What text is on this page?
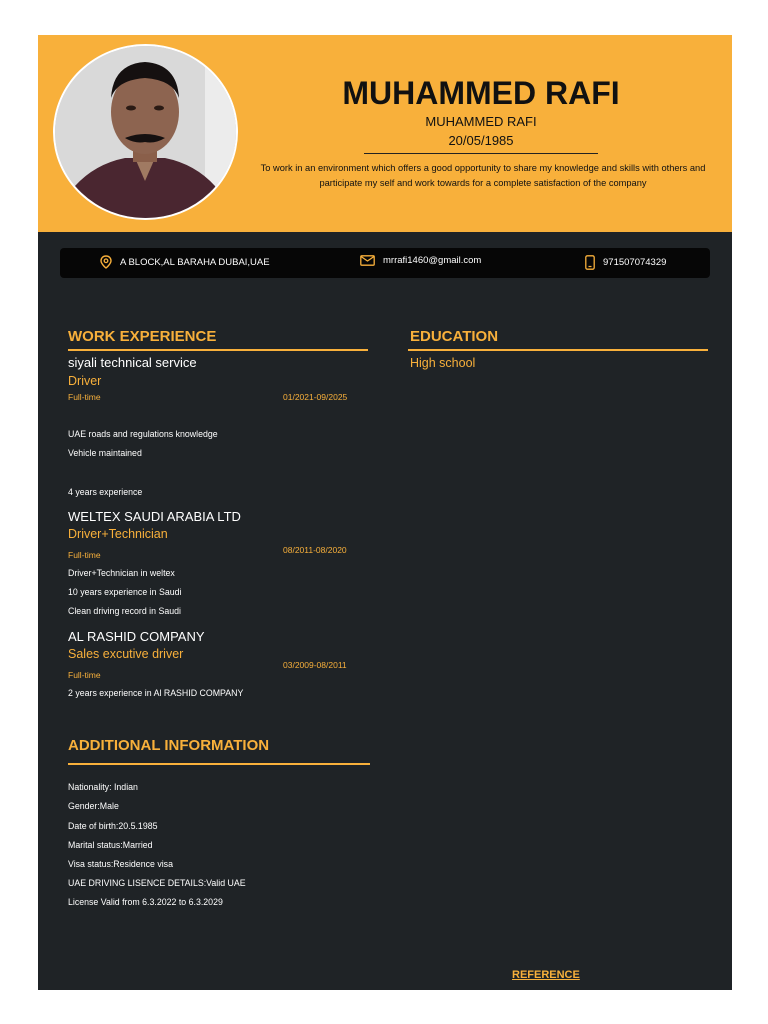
MUHAMMED RAFI
MUHAMMED RAFI
20/05/1985
To work in an environment which offers a good opportunity to share my knowledge and skills with others and participate my self and work towards for a complete satisfaction of the company
A BLOCK,AL BARAHA DUBAI,UAE	mrrafi1460@gmail.com	971507074329
WORK EXPERIENCE
siyali technical service
Driver
Full-time	01/2021-09/2025
UAE roads and regulations knowledge
Vehicle maintained
4 years experience
WELTEX SAUDI ARABIA LTD
Driver+Technician
08/2011-08/2020
Full-time
Driver+Technician in weltex
10 years experience in Saudi
Clean driving record in Saudi
AL RASHID COMPANY
Sales excutive driver
03/2009-08/2011
Full-time
2 years experience in Al RASHID COMPANY
EDUCATION
High school
ADDITIONAL INFORMATION
Nationality: Indian
Gender:Male
Date of birth:20.5.1985
Marital status:Married
Visa status:Residence visa
UAE DRIVING LISENCE DETAILS:Valid UAE
License Valid from 6.3.2022 to 6.3.2029
REFERENCE
